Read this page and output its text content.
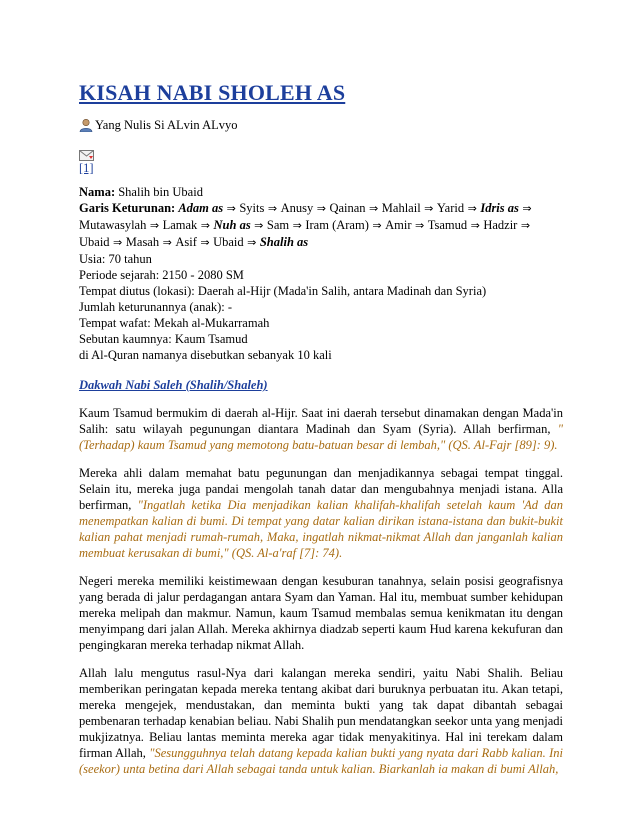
KISAH NABI SHOLEH AS
Yang Nulis Si ALvin ALvyo
[1]
Nama: Shalih bin Ubaid
Garis Keturunan: Adam as ⇒ Syits ⇒ Anusy ⇒ Qainan ⇒ Mahlail ⇒ Yarid ⇒ Idris as ⇒
Mutawasylah ⇒ Lamak ⇒ Nuh as ⇒ Sam ⇒ Iram (Aram) ⇒ Amir ⇒ Tsamud ⇒ Hadzir ⇒
Ubaid ⇒ Masah ⇒ Asif ⇒ Ubaid ⇒ Shalih as
Usia: 70 tahun
Periode sejarah: 2150 - 2080 SM
Tempat diutus (lokasi): Daerah al-Hijr (Mada'in Salih, antara Madinah dan Syria)
Jumlah keturunannya (anak): -
Tempat wafat: Mekah al-Mukarramah
Sebutan kaumnya: Kaum Tsamud
di Al-Quran namanya disebutkan sebanyak 10 kali
Dakwah Nabi Saleh (Shalih/Shaleh)

Kaum Tsamud bermukim di daerah al-Hijr. Saat ini daerah tersebut dinamakan dengan Mada'in Salih: satu wilayah pegunungan diantara Madinah dan Syam (Syria). Allah berfirman, "(Terhadap) kaum Tsamud yang memotong batu-batuan besar di lembah," (QS. Al-Fajr [89]: 9).

Mereka ahli dalam memahat batu pegunungan dan menjadikannya sebagai tempat tinggal. Selain itu, mereka juga pandai mengolah tanah datar dan mengubahnya menjadi istana. Alla berfirman, "Ingatlah ketika Dia menjadikan kalian khalifah-khalifah setelah kaum 'Ad dan menempatkan kalian di bumi. Di tempat yang datar kalian dirikan istana-istana dan bukit-bukit kalian pahat menjadi rumah-rumah, Maka, ingatlah nikmat-nikmat Allah dan janganlah kalian membuat kerusakan di bumi," (QS. Al-a'raf [7]: 74).

Negeri mereka memiliki keistimewaan dengan kesuburan tanahnya, selain posisi geografisnya yang berada di jalur perdagangan antara Syam dan Yaman. Hal itu, membuat sumber kehidupan mereka melipah dan makmur. Namun, kaum Tsamud membalas semua kenikmatan itu dengan menyimpang dari jalan Allah. Mereka akhirnya diadzab seperti kaum Hud karena kekufuran dan pengingkaran mereka terhadap nikmat Allah.

Allah lalu mengutus rasul-Nya dari kalangan mereka sendiri, yaitu Nabi Shalih. Beliau memberikan peringatan kepada mereka tentang akibat dari buruknya perbuatan itu. Akan tetapi, mereka mengejek, mendustakan, dan meminta bukti yang tak dapat dibantah sebagai pembenaran terhadap kenabian beliau. Nabi Shalih pun mendatangkan seekor unta yang menjadi mukjizatnya. Beliau lantas meminta mereka agar tidak menyakitinya. Hal ini terekam dalam firman Allah, "Sesungguhnya telah datang kepada kalian bukti yang nyata dari Rabb kalian. Ini (seekor) unta betina dari Allah sebagai tanda untuk kalian. Biarkanlah ia makan di bumi Allah,
